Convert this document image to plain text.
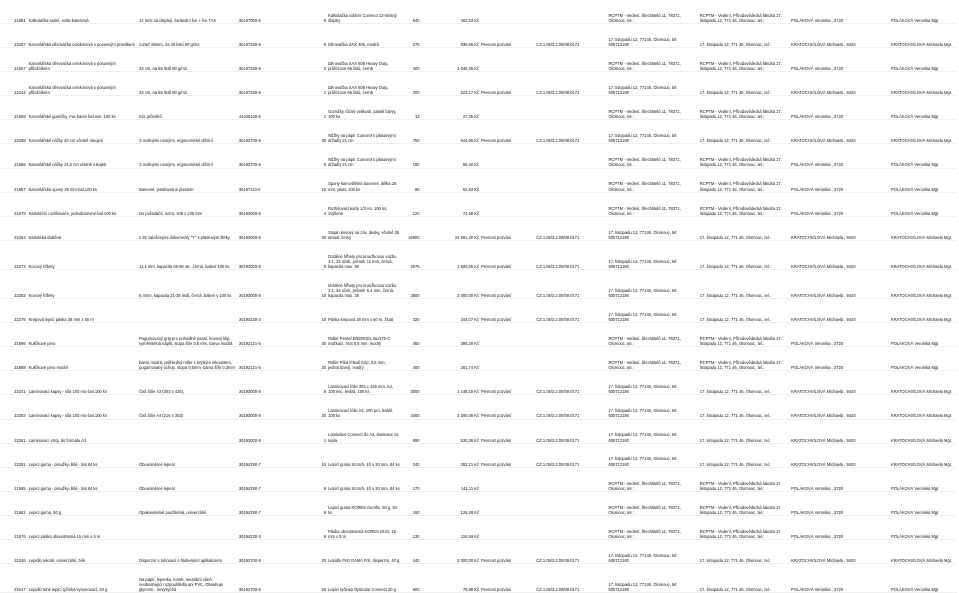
21681	Kalkulačka stolní, solár-bateriová	12 míst na displeji, zadavání fce + fce TAX	30197000-6	6	Kalkulačka solární Connect 12-místný displej	540	402,53 Kč			RCPTM - Vedení, Šlechtitelů 11, 78371, Olomouc, tel.:	RCPTM - Vedení, Přírodovědecká fakulta 17. listopadu 12, 771 46, Olomouc, tel.:	POLÁKOVÁ Veronika , 3720	POLÁKOVÁ Veronika Mgr.
22257	Kancelářská děrovačka celokovová s posuvným pravítkem	rozteč 80mm, na 30 listů 80 g/m2	30197330-8	5	Děrovačka SAX 406, modrá	275	630,55 Kč	Pevnost pozvání	CZ.1.05/3.2.00/09.0171	17. listopadu 12, 77146, Olomouc, tel: 605712180	17. listopadu 12, 771 46, Olomouc, tel.:	KRATOCHVÍLOVÁ Michaela , 9420	KRATOCHVÍLOVÁ Michaela Mgr.
21667	Kancelářská děrovačka celokovová s posuvným příložníkem	23 cm, na 65 listů 80 g/m2	30197330-8	2	Děrovačka SAX 608 Heavy Duty, průřezové 65 listů, černá	400	1 046,35 Kč			RCPTM - Vedení, Šlechtitelů 11, 78371, Olomouc, tel.:	RCPTM - Vedení, Přírodovědecká fakulta 17. listopadu 12, 771 46, Olomouc, tel.:	POLÁKOVÁ Veronika , 3720	POLÁKOVÁ Veronika Mgr.
22244	Kancelářská děrovačka celokovová s posuvným příložníkem	23 cm, na 65 listů 80 g/m2	30197330-8	1	Děrovačka SAX 608 Heavy Duty, průřezové 65 listů, černá	200	523,17 Kč	Pevnost pozvání	CZ.1.05/3.2.00/09.0171	17. listopadu 12, 77146, Olomouc, tel: 605712180	17. listopadu 12, 771 46, Olomouc, tel.:	KRATOCHVÍLOVÁ Michaela , 9420	KRATOCHVÍLOVÁ Michaela Mgr.
21668	Kancelářské gumičky, mix barev bal.min. 100 ks	mix průměrů	44425100-6	1	Gumičky různé velikosti, pastel barvy, 100 ks	13	27,35 Kč			RCPTM - Vedení, Šlechtitelů 11, 78371, Olomouc, tel.:	RCPTM - Vedení, Přírodovědecká fakulta 17. listopadu 12, 771 46, Olomouc, tel.:	POLÁKOVÁ Veronika , 3720	POLÁKOVÁ Veronika Mgr.
22258	Kancelářské nůžky 20 cm včetně rukojeti	S oválnými rovnými, ergonomické držení	30192700-8	30	Nůžky na papír Connect s plastovými držadly 21 cm	750	544,96 Kč	Pevnost pozvání	CZ.1.05/3.2.00/09.0171	17. listopadu 12, 77146, Olomouc, tel: 605712180	17. listopadu 12, 771 46, Olomouc, tel.:	KRATOCHVÍLOVÁ Michaela , 9420	KRATOCHVÍLOVÁ Michaela Mgr.
21686	Kancelářské nůžky 21,5 cm včetně rukojeti	S oválnými rovnými, ergonomické držení	30192700-8	6	Nůžky na papír Connect s plastovými držadly 21 cm	180	65,40 Kč			RCPTM - Vedení, Šlechtitelů 11, 78371, Olomouc, tel.:	RCPTM - Vedení, Přírodovědecká fakulta 17. listopadu 12, 771 46, Olomouc, tel.:	POLÁKOVÁ Veronika , 3720	POLÁKOVÁ Veronika Mgr.
21687	Kancelářské spony 28 mm-bal.100 ks	Barevné, potahované plastem	30197110-0	10	Spony kancelářské barevné, délka 28 mm, plast, 100 ks	80	62,83 Kč			RCPTM - Vedení, Šlechtitelů 11, 78371, Olomouc, tel.:	RCPTM - Vedení, Přírodovědecká fakulta 17. listopadu 12, 771 46, Olomouc, tel.:	POLÁKOVÁ Veronika , 3720	POLÁKOVÁ Veronika Mgr.
21678	Kartotéční rozlišovače, jednobarevné-bal.100 ks	Do pořadačů, rozm. 105 x 235 mm	30193000-8	4	Rozlišovací karty 1/3 A4, 100 ks, zvýšené	120	74,69 Kč			RCPTM - Vedení, Šlechtitelů 11, 78371, Olomouc, tel.:	RCPTM - Vedení, Přírodovědecká fakulta 17. listopadu 12, 771 46, Olomouc, tel.:	POLÁKOVÁ Veronika , 3720	POLÁKOVÁ Veronika Mgr.
22254	Kartotéka drátěná	s 25 založenými dokumenty "Y" s plastovým štítky	30193000-8	30	Stojan kosový na záv. desky, včetně 25 desek, černý	18900	22 991,30 Kč	Pevnost pozvání	CZ.1.05/3.2.00/09.0171	17. listopadu 12, 77146, Olomouc, tel: 605712180	17. listopadu 12, 771 46, Olomouc, tel.:	KRATOCHVÍLOVÁ Michaela , 9420	KRATOCHVÍLOVÁ Michaela Mgr.
22272	Kocový hřbety	11,1 mm, kapacita 66-80 str., černá, balení 100 ks	30193000-8	5	Drátěné hřbety pro kroužkovou vazbu 3:1, 34 oček, průměr 11 mm, černá, kapacita max. 80	2975	1 820,65 Kč	Pevnost pozvání	CZ.1.05/3.2.00/09.0171	17. listopadu 12, 77146, Olomouc, tel: 605712180	17. listopadu 12, 771 46, Olomouc, tel.:	KRATOCHVÍLOVÁ Michaela , 9420	KRATOCHVÍLOVÁ Michaela Mgr.
22282	Kovový hřbety	6,4mm, kapacita 21-35 listů, černá, balení v 100 ks	30193000-8	10	Drátěné hřbety pro kroužkovou vazbu 3:1, 34 oček, průměr 6,4 mm, černá, kapacita max. 35	3500	2 000,00 Kč	Pevnost pozvání	CZ.1.05/3.2.00/09.0171	17. listopadu 12, 77146, Olomouc, tel: 605712180	17. listopadu 12, 771 46, Olomouc, tel.:	KRATOCHVÍLOVÁ Michaela , 9420	KRATOCHVÍLOVÁ Michaela Mgr.
22276	Krepová lepicí páska 38 mm x 50 m		30194230-3	10	Páska krepová 38 mm x 50 m, žlutá	320	344,07 Kč	Pevnost pozvání	CZ.1.05/3.2.00/09.0171	17. listopadu 12, 77146, Olomouc, tel: 605712180	17. listopadu 12, 771 46, Olomouc, tel.:	KRATOCHVÍLOVÁ Michaela , 9420	KRATOCHVÍLOVÁ Michaela Mgr.
21696	Kuličkové pero	Pogumovaný grip pro pohodlné psaní, kovový klip, vyměnitelná náplň, stopa šíře 0,5 mm, barva modrá	30192121-5	30	Roller Pentel ENERGEL BLN75-C mačkací, hrot 0,5 mm, modrý	450	399,28 Kč			RCPTM - Vedení, Šlechtitelů 11, 78371, Olomouc, tel.:	RCPTM - Vedení, Přírodovědecká fakulta 17. listopadu 12, 771 46, Olomouc, tel.:	POLÁKOVÁ Veronika , 3720	POLÁKOVÁ Veronika Mgr.
21688	Kuličkové pero modré	barva modrá, průhledný roller s krytkým inkoustem, pogumovaný úchop, stopa 0,5mm, barva šíře 0,3mm	30192121-5	20	Roller Pilot V-Ball Grip, 0,5 mm, jednorázový, modrý	400	281,74 Kč			RCPTM - Vedení, Šlechtitelů 11, 78371, Olomouc, tel.:	RCPTM - Vedení, Přírodovědecká fakulta 17. listopadu 12, 771 46, Olomouc, tel.:	POLÁKOVÁ Veronika , 3720	POLÁKOVÁ Veronika Mgr.
22241	Laminovací kapsy - síla 100 mic-bal.100 ks	Čirá fólie A3 (303 x 426),	30193000-8	5	Laminovací fólie 303 x 426 mm, A3, 100 mic, lesklá, 100 ks	3000	1 148,15 Kč	Pevnost pozvání	CZ.1.05/3.2.00/09.0171	17. listopadu 12, 77146, Olomouc, tel: 605712180	17. listopadu 12, 771 46, Olomouc, tel.:	KRATOCHVÍLOVÁ Michaela , 9420	KRATOCHVÍLOVÁ Michaela Mgr.
22283	Laminovací kapsy - síla 100 mic-bal.100 ks	Čirá fólie A4 (216 x 303)	30193000-8	20	Laminovací fólie A4, 100 µm, lesklé, 100 ks	3400	3 206,05 Kč	Pevnost pozvání	CZ.1.05/3.2.00/09.0171	17. listopadu 12, 77146, Olomouc, tel: 605712180	17. listopadu 12, 771 46, Olomouc, tel.:	KRATOCHVÍLOVÁ Michaela , 9420	KRATOCHVÍLOVÁ Michaela Mgr.
22261	Laminovací stroj, do formátu A3		30193000-8	1	Laminátor Connect do A3, laminace za tepla	890	530,36 Kč	Pevnost pozvání	CZ.1.05/3.2.00/09.0171	17. listopadu 12, 77146, Olomouc, tel: 605712180	17. listopadu 12, 771 46, Olomouc, tel.:	KRATOCHVÍLOVÁ Michaela , 9420	KRATOCHVÍLOVÁ Michaela Mgr.
22291	Lepicí guma - proužky, bílá - bal.84 ks	Obousměrné lepení	30194290-7	10	Lepicí guma Scotch, 10 x 20 mm, 84 ks	340	282,21 Kč	Pevnost pozvání	CZ.1.05/3.2.00/09.0171	17. listopadu 12, 77146, Olomouc, tel: 605712180	17. listopadu 12, 771 46, Olomouc, tel.:	KRATOCHVÍLOVÁ Michaela , 9420	KRATOCHVÍLOVÁ Michaela Mgr.
21685	Lepicí guma - proužky, bílá - bal.84 ks	Obousměrné lepení	30194290-7	5	Lepicí guma Scotch, 10 x 20 mm, 84 ks	170	141,11 Kč			RCPTM - Vedení, Šlechtitelů 11, 78371, Olomouc, tel.:	RCPTM - Vedení, Přírodovědecká fakulta 17. listopadu 12, 771 46, Olomouc, tel.:	POLÁKOVÁ Veronika , 3720	POLÁKOVÁ Veronika Mgr.
21682	Lepicí guma, 50 g	Opakovatelně použitelná, univerzální	30194290-7	5	Lepicí guma KORES Gumfix, 50 g, 84 ks	160	126,28 Kč			RCPTM - Vedení, Šlechtitelů 11, 78371, Olomouc, tel.:	RCPTM - Vedení, Přírodovědecká fakulta 17. listopadu 12, 771 46, Olomouc, tel.:	POLÁKOVÁ Veronika , 3720	POLÁKOVÁ Veronika Mgr.
21676	Lepicí páska oboustranná 15 mm x 5 m		30194230-3	5	Páska oboustranná KORES DUO, 15 mm x 5 m	130	116,59 Kč			RCPTM - Vedení, Šlechtitelů 11, 78371, Olomouc, tel.:	RCPTM - Vedení, Přírodovědecká fakulta 17. listopadu 12, 771 46, Olomouc, tel.:	POLÁKOVÁ Veronika , 3720	POLÁKOVÁ Veronika Mgr.
22246	Lepidlo tekuté, univerzální, bílé	Disperzní s tuhnoucí s hlubenýmí aplikátorem	30192700-8	20	Lepidlo Pritt GAMA FIX, disperzní, 40 g	440	2 000,00 Kč	Pevnost pozvání	CZ.1.05/3.2.00/09.0171	17. listopadu 12, 77146, Olomouc, tel: 605712180	17. listopadu 12, 771 46, Olomouc, tel.:	KRATOCHVÍLOVÁ Michaela , 9420	KRATOCHVÍLOVÁ Michaela Mgr.
22247	Lepidlo tuhé lepicí tyčinka vysunovací, 20 g	Na papír, lepenku, korek, neutrální vůně, neobsahující rozpouštědla ani PVC, Obsahuje glycerin - nevysychá	30192700-8	20	Lepicí tyčinka Opticolor Connect 20 g	600	78,88 Kč	Pevnost pozvání	CZ.1.05/3.2.00/09.0171	17. listopadu 12, 77146, Olomouc, tel: 605712180	17. listopadu 12, 771 46, Olomouc, tel.:	POLÁKOVÁ Veronika , 3720	POLÁKOVÁ Veronika Mgr.
